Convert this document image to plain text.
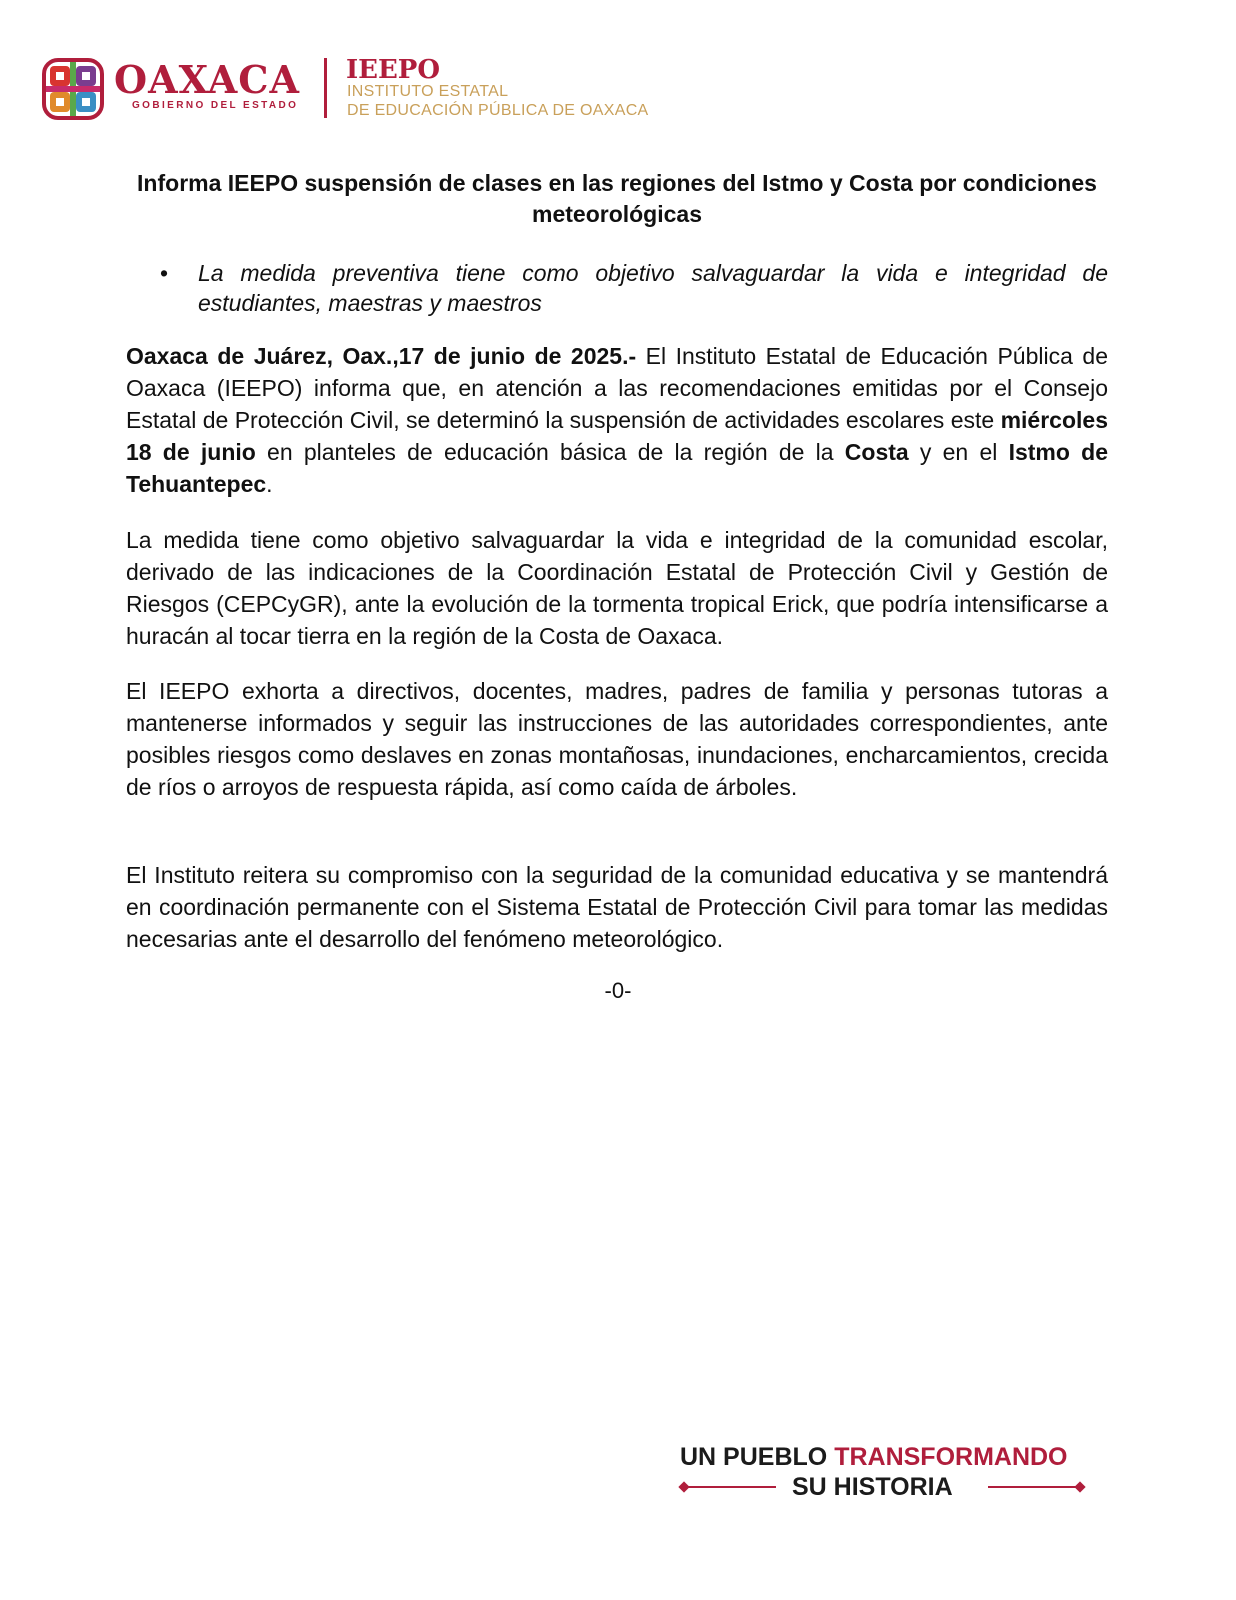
OAXACA
GOBIERNO DEL ESTADO
IEEPO
INSTITUTO ESTATAL
DE EDUCACIÓN PÚBLICA DE OAXACA
Informa IEEPO suspensión de clases en las regiones del Istmo y Costa por condiciones meteorológicas
• La medida preventiva tiene como objetivo salvaguardar la vida e integridad de estudiantes, maestras y maestros

Oaxaca de Juárez, Oax.,17 de junio de 2025.- El Instituto Estatal de Educación Pública de Oaxaca (IEEPO) informa que, en atención a las recomendaciones emitidas por el Consejo Estatal de Protección Civil, se determinó la suspensión de actividades escolares este miércoles 18 de junio en planteles de educación básica de la región de la Costa y en el Istmo de Tehuantepec.

La medida tiene como objetivo salvaguardar la vida e integridad de la comunidad escolar, derivado de las indicaciones de la Coordinación Estatal de Protección Civil y Gestión de Riesgos (CEPCyGR), ante la evolución de la tormenta tropical Erick, que podría intensificarse a huracán al tocar tierra en la región de la Costa de Oaxaca.

El IEEPO exhorta a directivos, docentes, madres, padres de familia y personas tutoras a mantenerse informados y seguir las instrucciones de las autoridades correspondientes, ante posibles riesgos como deslaves en zonas montañosas, inundaciones, encharcamientos, crecida de ríos o arroyos de respuesta rápida, así como caída de árboles.

El Instituto reitera su compromiso con la seguridad de la comunidad educativa y se mantendrá en coordinación permanente con el Sistema Estatal de Protección Civil para tomar las medidas necesarias ante el desarrollo del fenómeno meteorológico.

-0-
UN PUEBLO TRANSFORMANDO
SU HISTORIA
